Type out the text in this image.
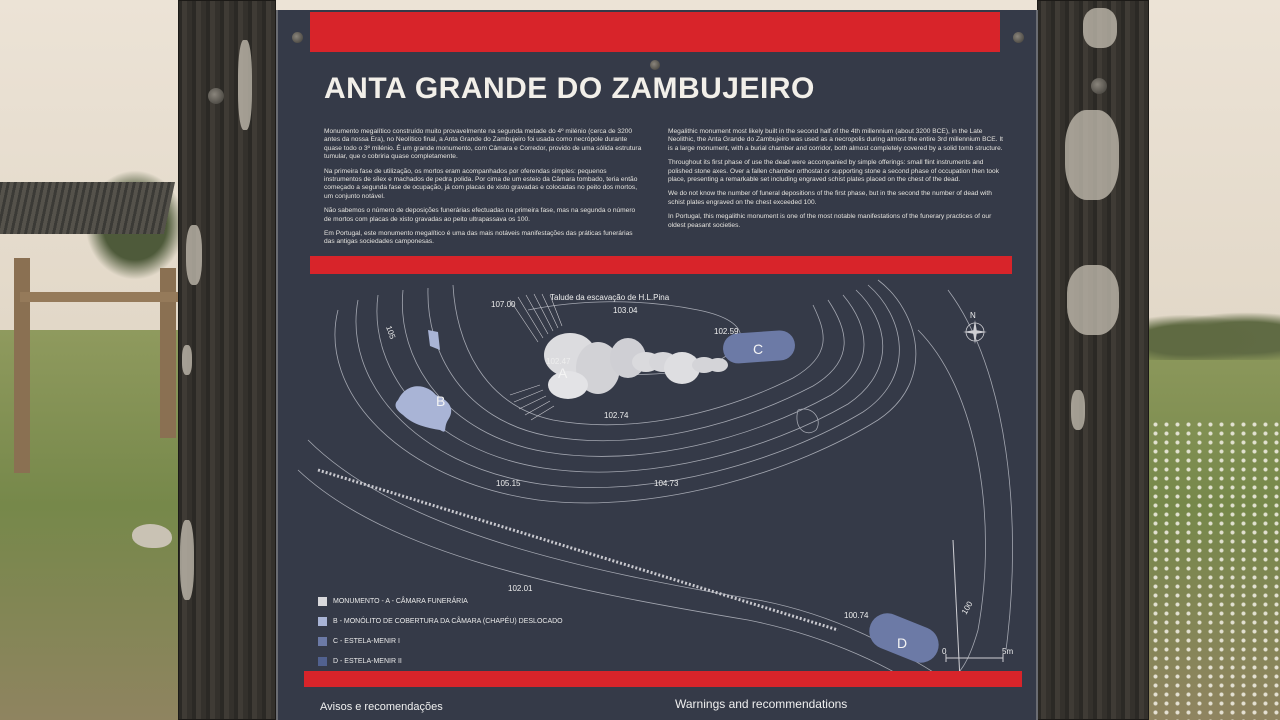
ANTA GRANDE DO ZAMBUJEIRO

Monumento megalítico construído muito provavelmente na segunda metade do 4º milénio (cerca de 3200 antes da nossa Era), no Neolítico final, a Anta Grande do Zambujeiro foi usada como necrópole durante quase todo o 3º milénio. É um grande monumento, com Câmara e Corredor, provido de uma sólida estrutura tumular, que o cobriria quase completamente.

Na primeira fase de utilização, os mortos eram acompanhados por oferendas simples: pequenos instrumentos de sílex e machados de pedra polida. Por cima de um esteio da Câmara tombado, teria então começado a segunda fase de ocupação, já com placas de xisto gravadas e colocadas no peito dos mortos, um conjunto notável.

Não sabemos o número de deposições funerárias efectuadas na primeira fase, mas na segunda o número de mortos com placas de xisto gravadas ao peito ultrapassava os 100.

Em Portugal, este monumento megalítico é uma das mais notáveis manifestações das práticas funerárias das antigas sociedades camponesas.

Megalithic monument most likely built in the second half of the 4th millennium (about 3200 BCE), in the Late Neolithic, the Anta Grande do Zambujeiro was used as a necropolis during almost the entire 3rd millennium BCE. It is a large monument, with a burial chamber and corridor, both almost completely covered by a solid tomb structure.

Throughout its first phase of use the dead were accompanied by simple offerings: small flint instruments and polished stone axes. Over a fallen chamber orthostat or supporting stone a second phase of occupation then took place, presenting a remarkable set including engraved schist plates placed on the chest of the dead.

We do not know the number of funeral depositions of the first phase, but in the second the number of dead with schist plates engraved on the chest exceeded 100.

In Portugal, this megalithic monument is one of the most notable manifestations of the funerary practices of our oldest peasant societies.

Talude da escavação de H.L.Pina
107.00
103.04
102.59
102.47
102.74
105.15	104.73
102.01
100.74
105
100
A
B
C
D
N
0	5m
MONUMENTO - A - CÂMARA FUNERÁRIA
B - MONÓLITO DE COBERTURA DA CÂMARA (CHAPÉU) DESLOCADO
C - ESTELA-MENIR I
D - ESTELA-MENIR II
Avisos e recomendações	Warnings and recommendations
